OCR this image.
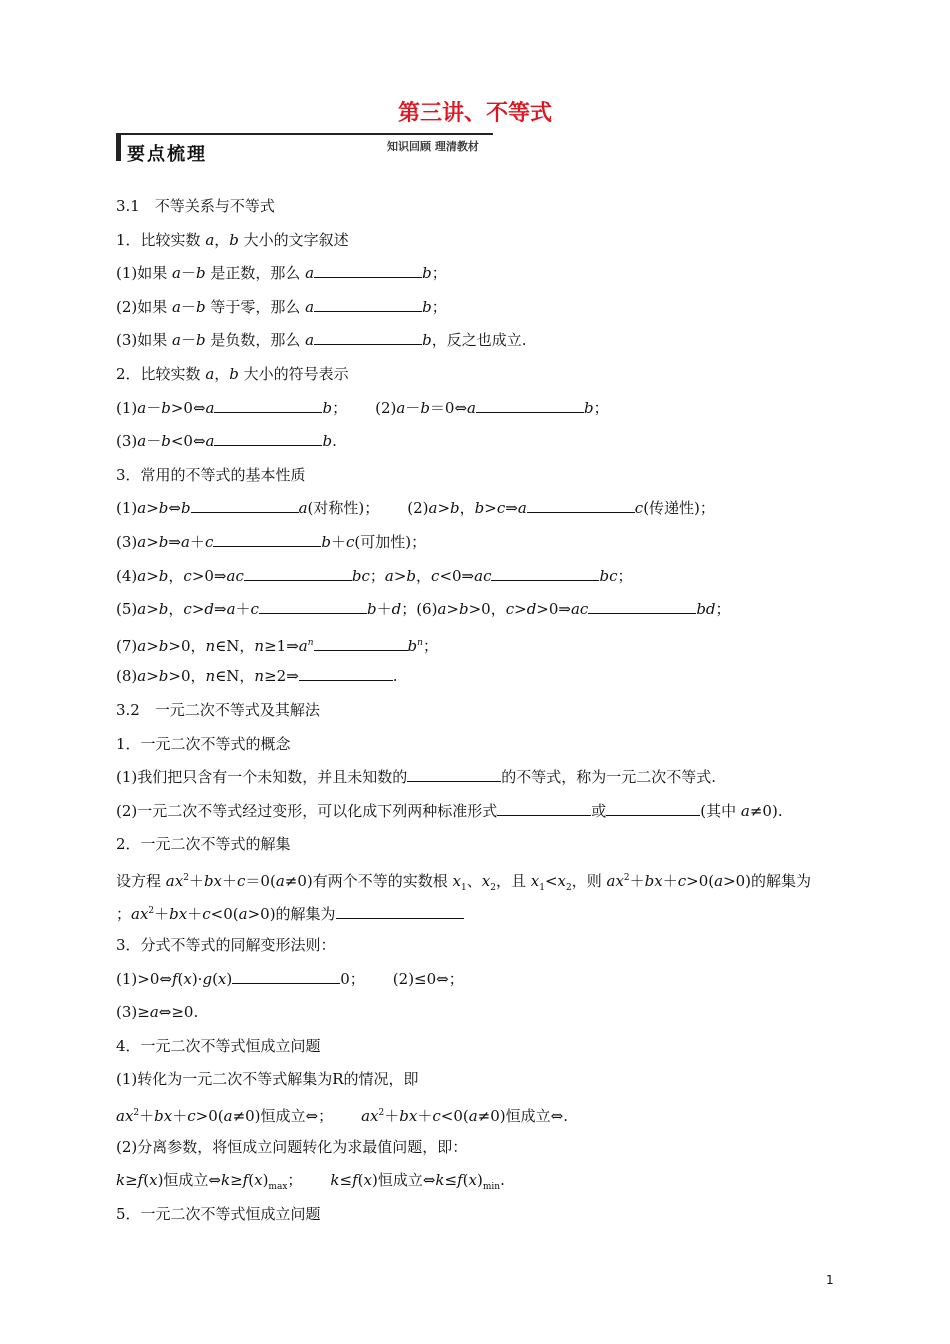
第三讲、不等式
要点梳理	知识回顾 理清教材
3.1　不等关系与不等式
1．比较实数 a，b 大小的文字叙述
(1)如果 a－b 是正数，那么 a	b；
(2)如果 a－b 等于零，那么 a	b；
(3)如果 a－b 是负数，那么 a	b，反之也成立.
2．比较实数 a，b 大小的符号表示
(1)a－b>0⇔a	b； (2)a－b＝0⇔a	b；
(3)a－b<0⇔a	b.
3．常用的不等式的基本性质
(1)a>b⇔b	a(对称性)； (2)a>b，b>c⇒a	c(传递性)；
(3)a>b⇒a＋c	b＋c(可加性)；
(4)a>b，c>0⇒ac	bc；a>b，c<0⇒ac	bc；
(5)a>b，c>d⇒a＋c	b＋d；(6)a>b>0，c>d>0⇒ac	bd；
(7)a>b>0，n∈N，$n\ge 1\Rightarrow a^n$	$b^n$；
(8)a>b>0，n∈N，n≥2⇒	.
3.2　一元二次不等式及其解法
1．一元二次不等式的概念
(1)我们把只含有一个未知数，并且未知数的	的不等式，称为一元二次不等式.
(2)一元二次不等式经过变形，可以化成下列两种标准形式	或	(其中 a≠0).
2．一元二次不等式的解集
设方程 $ax^2+bx+c=0(a\ne 0)$有两个不等的实数根 $x_1$、$x_2$，且 $x_1<x_2$，则 $ax^2+bx+c>0(a>0)$的解集为
；$ax^2+bx+c<0(a>0)$的解集为
3．分式不等式的同解变形法则：
(1)>0⇔f(x)·g(x)	0； (2)≤0⇔；
(3)≥a⇔≥0.
4．一元二次不等式恒成立问题
(1)转化为一元二次不等式解集为R的情况，即
$ax^2+bx+c>0(a\ne 0)$恒成立⇔； $ax^2+bx+c<0(a\ne 0)$恒成立⇔.
(2)分离参数，将恒成立问题转化为求最值问题，即：
k≥f(x)恒成立$\Leftrightarrow k\ge f(x)_{max}$； k≤f(x)恒成立$\Leftrightarrow k\le f(x)_{min}$.
5．一元二次不等式恒成立问题
1
